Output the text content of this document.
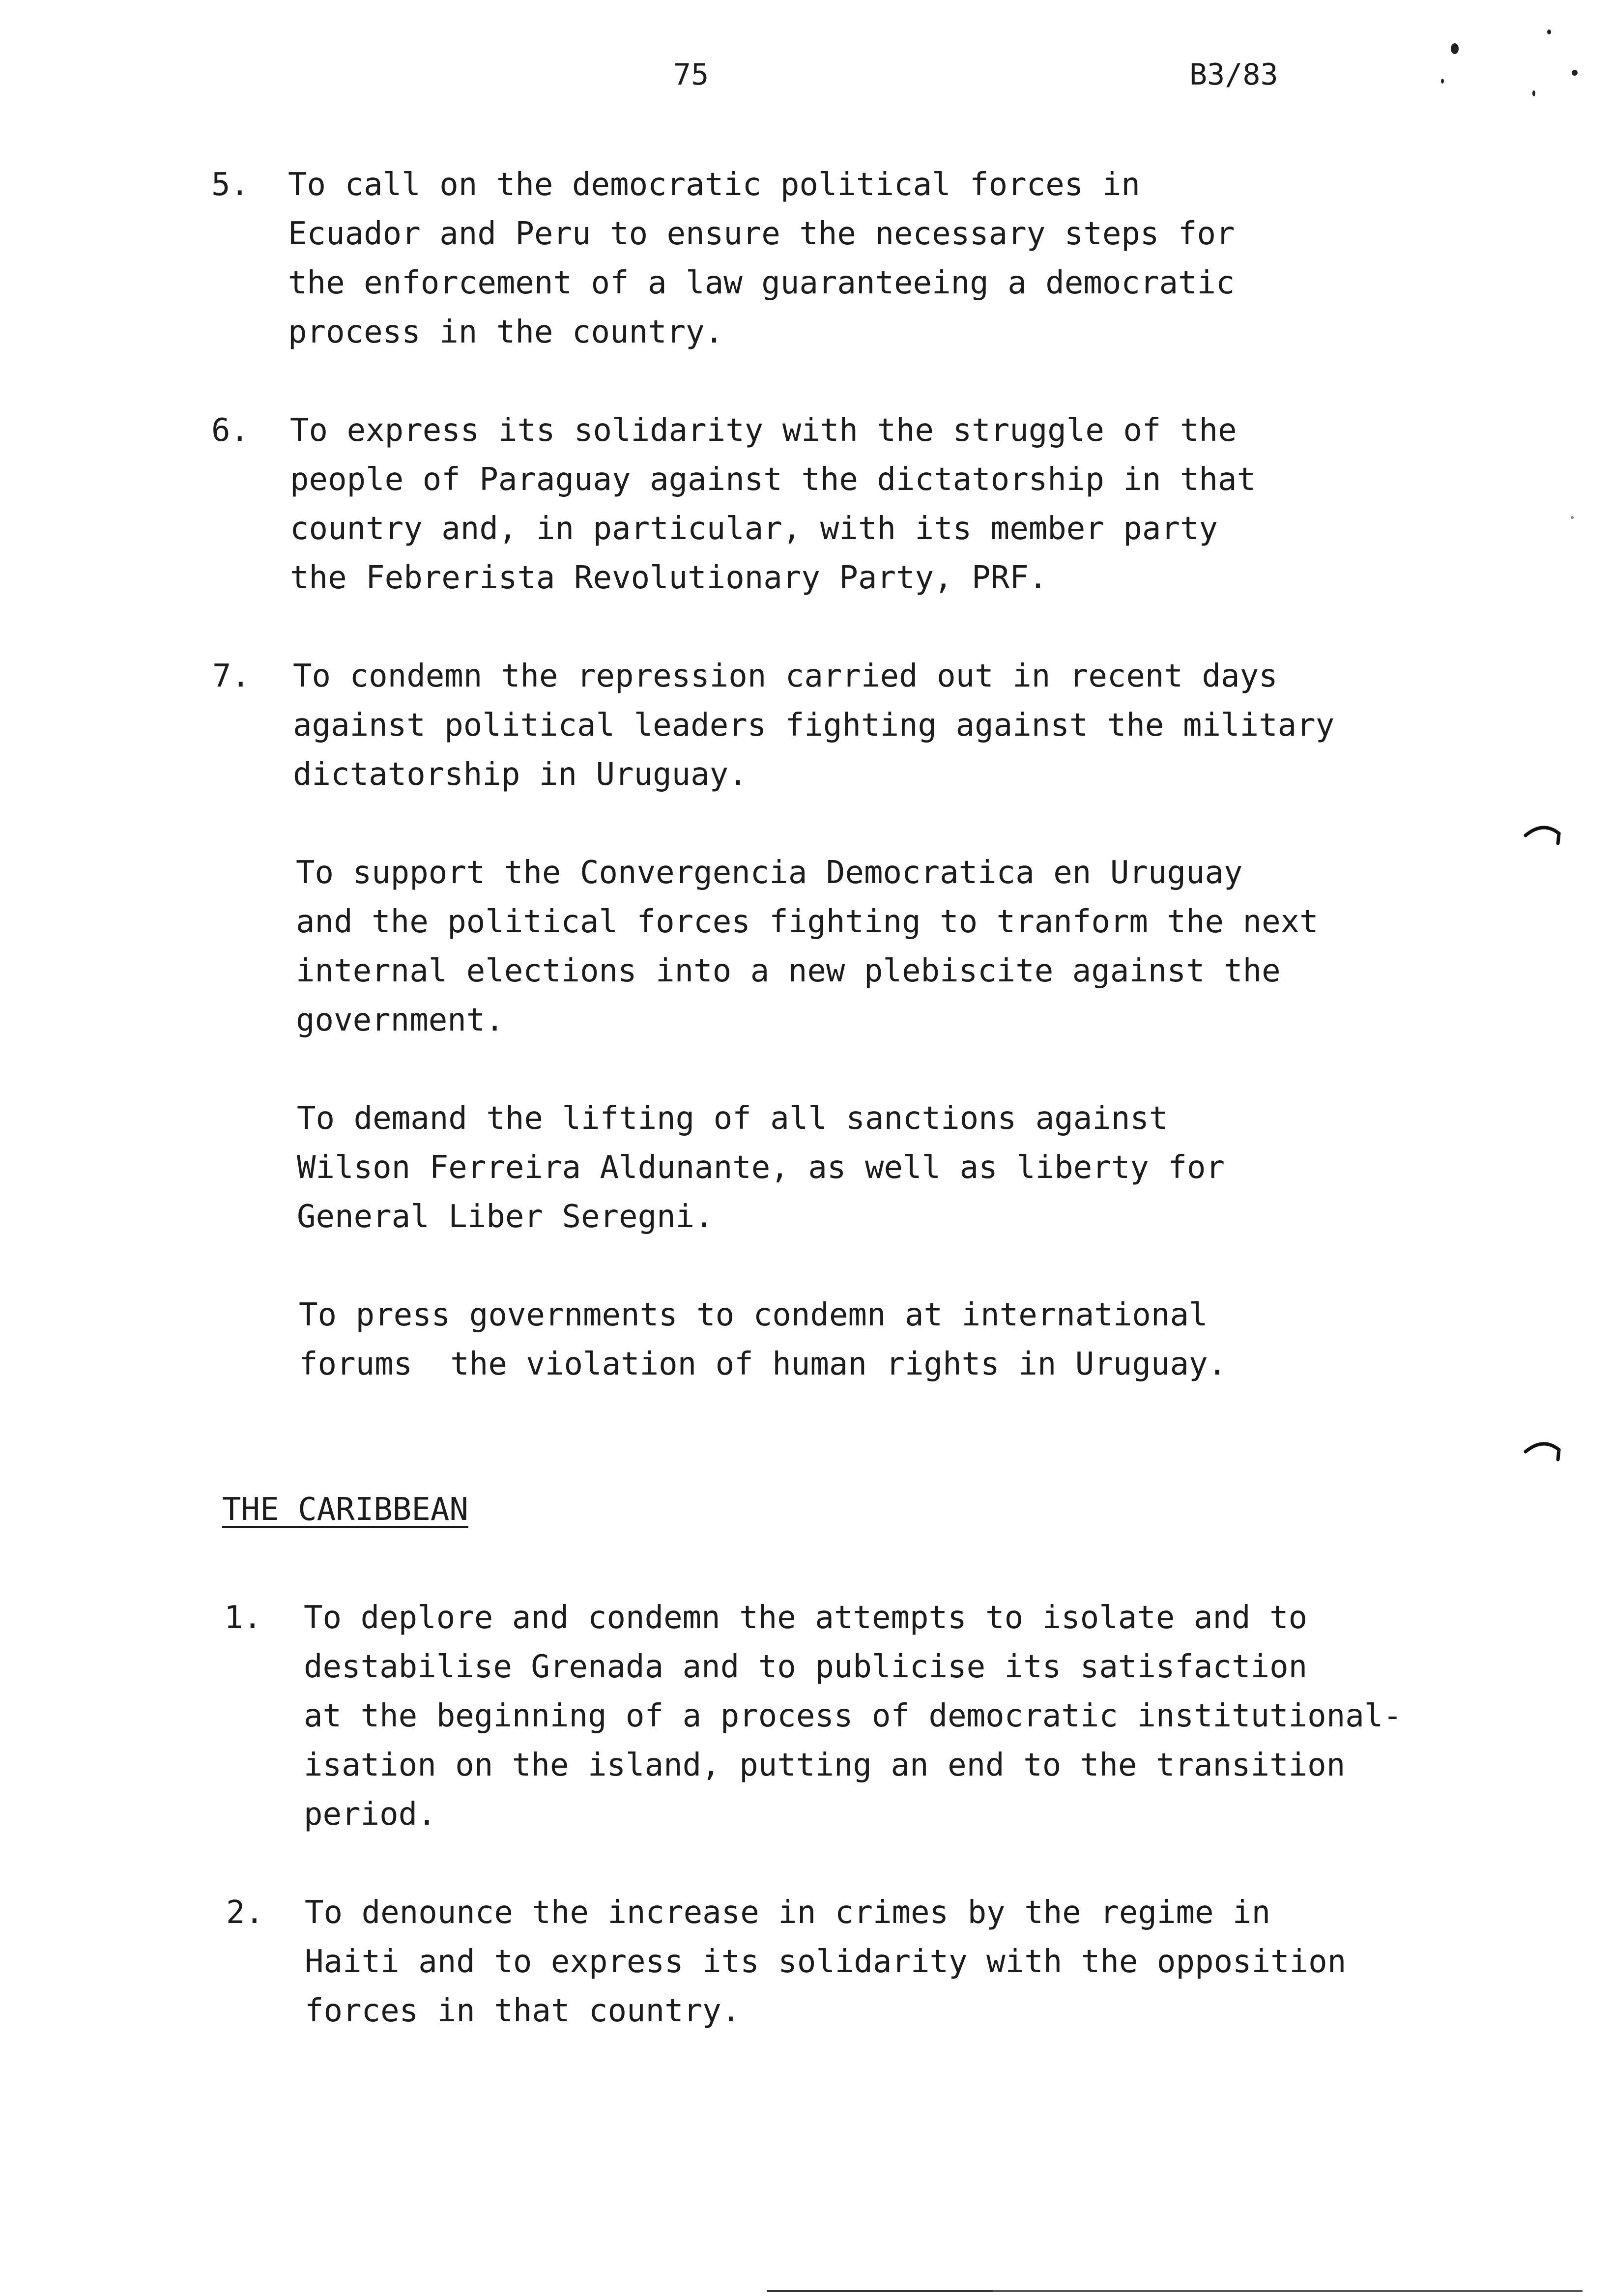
75	B3/83
5. To call on the democratic political forces in
Ecuador and Peru to ensure the necessary steps for
the enforcement of a law guaranteeing a democratic
process in the country.
6. To express its solidarity with the struggle of the
people of Paraguay against the dictatorship in that
country and, in particular, with its member party
the Febrerista Revolutionary Party, PRF.
7. To condemn the repression carried out in recent days
against political leaders fighting against the military
dictatorship in Uruguay.
To support the Convergencia Democratica en Uruguay
and the political forces fighting to tranform the next
internal elections into a new plebiscite against the
government.
To demand the lifting of all sanctions against
Wilson Ferreira Aldunante, as well as liberty for
General Liber Seregni.
To press governments to condemn at international
forums  the violation of human rights in Uruguay.
THE CARIBBEAN
1. To deplore and condemn the attempts to isolate and to
destabilise Grenada and to publicise its satisfaction
at the beginning of a process of democratic institutional-
isation on the island, putting an end to the transition
period.
2. To denounce the increase in crimes by the regime in
Haiti and to express its solidarity with the opposition
forces in that country.
